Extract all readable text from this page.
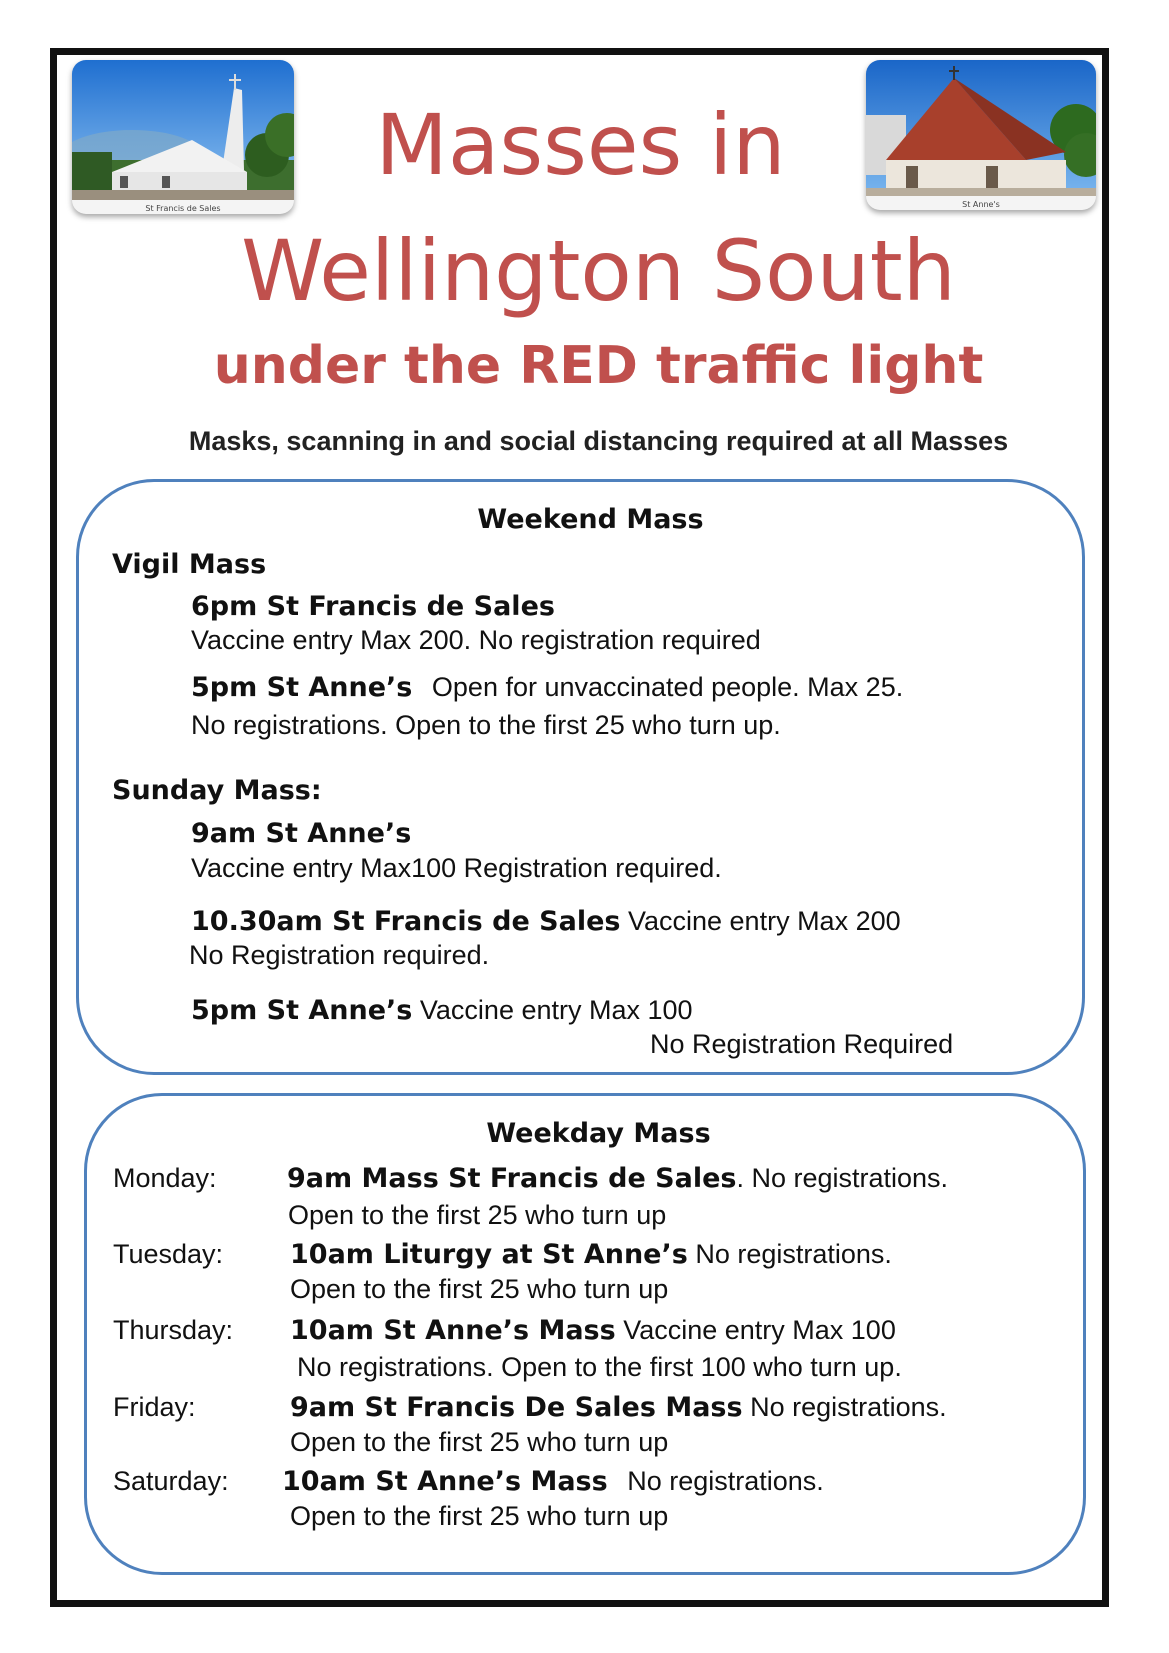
St Francis de Sales	St Anne's
Masses in
Wellington South
under the RED traffic light
Masks, scanning in and social distancing required at all Masses
Weekend Mass
Vigil Mass
6pm St Francis de Sales
Vaccine entry Max 200. No registration required
5pm St Anne’s Open for unvaccinated people. Max 25.
No registrations. Open to the first 25 who turn up.
Sunday Mass:
9am St Anne’s
Vaccine entry Max100 Registration required.
10.30am St Francis de Sales Vaccine entry Max 200
No Registration required.
5pm St Anne’s Vaccine entry Max 100
No Registration Required
Weekday Mass
Monday:	9am Mass St Francis de Sales. No registrations.
Open to the first 25 who turn up
Tuesday: 10am Liturgy at St Anne’s No registrations.
Open to the first 25 who turn up
Thursday: 10am St Anne’s Mass Vaccine entry Max 100
No registrations. Open to the first 100 who turn up.
Friday:	9am St Francis De Sales Mass No registrations.
Open to the first 25 who turn up
Saturday: 10am St Anne’s Mass No registrations.
Open to the first 25 who turn up
